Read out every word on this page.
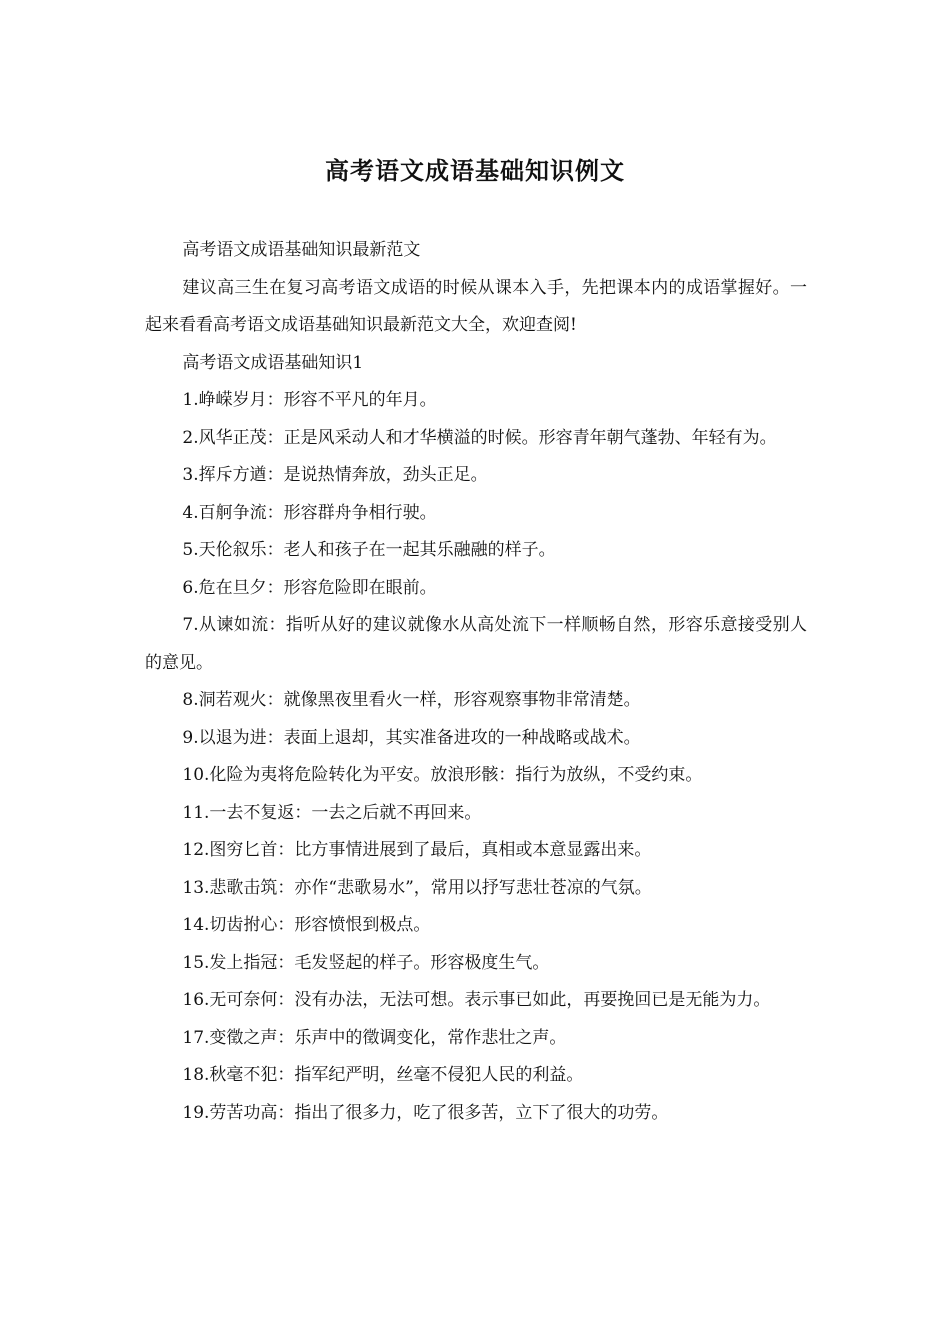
高考语文成语基础知识例文

高考语文成语基础知识最新范文

建议高三生在复习高考语文成语的时候从课本入手，先把课本内的成语掌握好。一起来看看高考语文成语基础知识最新范文大全，欢迎查阅!

高考语文成语基础知识1

1.峥嵘岁月：形容不平凡的年月。

2.风华正茂：正是风采动人和才华横溢的时候。形容青年朝气蓬勃、年轻有为。

3.挥斥方遒：是说热情奔放，劲头正足。

4.百舸争流：形容群舟争相行驶。

5.天伦叙乐：老人和孩子在一起其乐融融的样子。

6.危在旦夕：形容危险即在眼前。

7.从谏如流：指听从好的建议就像水从高处流下一样顺畅自然，形容乐意接受别人的意见。

8.洞若观火：就像黑夜里看火一样，形容观察事物非常清楚。

9.以退为进：表面上退却，其实准备进攻的一种战略或战术。

10.化险为夷将危险转化为平安。放浪形骸：指行为放纵，不受约束。

11.一去不复返：一去之后就不再回来。

12.图穷匕首：比方事情进展到了最后，真相或本意显露出来。

13.悲歌击筑：亦作“悲歌易水”，常用以抒写悲壮苍凉的气氛。

14.切齿拊心：形容愤恨到极点。

15.发上指冠：毛发竖起的样子。形容极度生气。

16.无可奈何：没有办法，无法可想。表示事已如此，再要挽回已是无能为力。

17.变徵之声：乐声中的徵调变化，常作悲壮之声。

18.秋毫不犯：指军纪严明，丝毫不侵犯人民的利益。

19.劳苦功高：指出了很多力，吃了很多苦，立下了很大的功劳。
